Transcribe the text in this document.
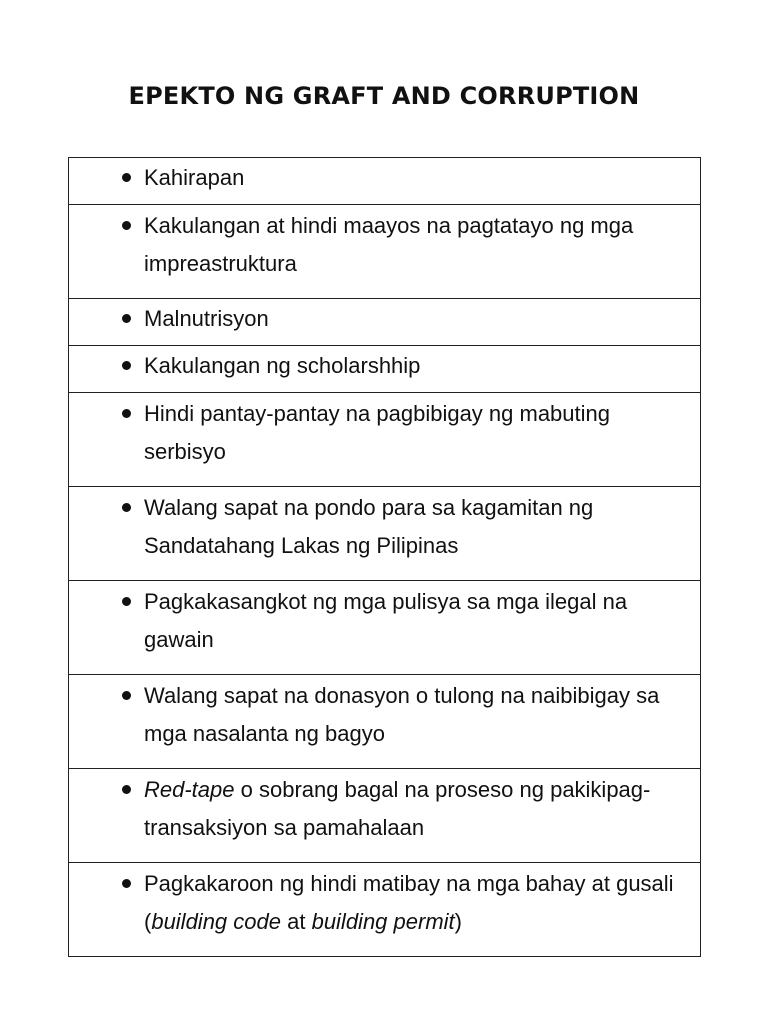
EPEKTO NG GRAFT AND CORRUPTION
Kahirapan

Kakulangan at hindi maayos na pagtatayo ng mga impreastruktura

Malnutrisyon

Kakulangan ng scholarshhip

Hindi pantay-pantay na pagbibigay ng mabuting serbisyo

Walang sapat na pondo para sa kagamitan ng Sandatahang Lakas ng Pilipinas

Pagkakasangkot ng mga pulisya sa mga ilegal na gawain

Walang sapat na donasyon o tulong na naibibigay sa mga nasalanta ng bagyo

Red-tape o sobrang bagal na proseso ng pakikipag-transaksiyon sa pamahalaan

Pagkakaroon ng hindi matibay na mga bahay at gusali (building code at building permit)
